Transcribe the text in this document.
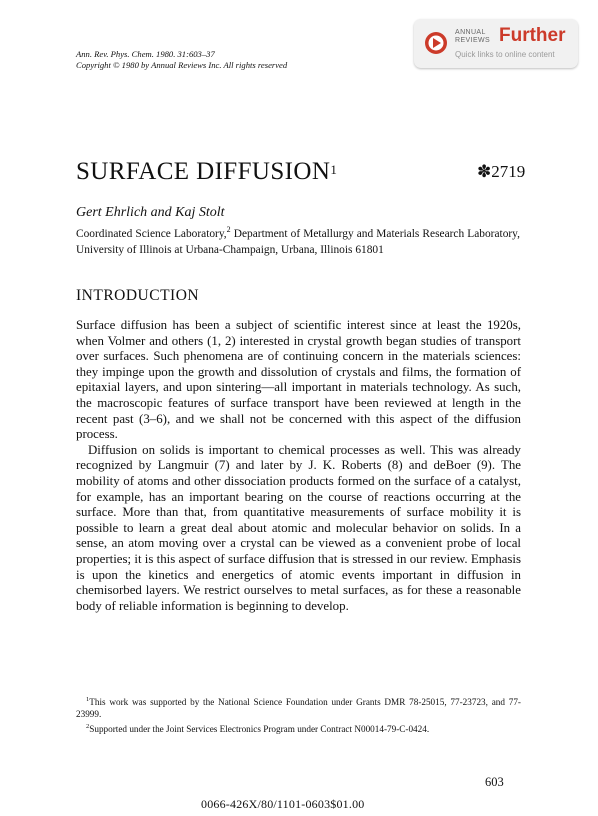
Ann. Rev. Phys. Chem. 1980. 31:603–37
Copyright © 1980 by Annual Reviews Inc. All rights reserved
ANNUAL
REVIEWS Further
Quick links to online content
SURFACE DIFFUSION$^1$	✽2719
Gert Ehrlich and Kaj Stolt
Coordinated Science Laboratory,$^2$ Department of Metallurgy and Materials Research Laboratory, University of Illinois at Urbana-Champaign, Urbana, Illinois 61801
INTRODUCTION

Surface diffusion has been a subject of scientific interest since at least the 1920s, when Volmer and others (1, 2) interested in crystal growth began studies of transport over surfaces. Such phenomena are of continuing concern in the materials sciences: they impinge upon the growth and dissolution of crystals and films, the formation of epitaxial layers, and upon sintering—all important in materials technology. As such, the macroscopic features of surface transport have been reviewed at length in the recent past (3–6), and we shall not be concerned with this aspect of the diffusion process.

Diffusion on solids is important to chemical processes as well. This was already recognized by Langmuir (7) and later by J. K. Roberts (8) and deBoer (9). The mobility of atoms and other dissociation products formed on the surface of a catalyst, for example, has an important bearing on the course of reactions occurring at the surface. More than that, from quantitative measurements of surface mobility it is possible to learn a great deal about atomic and molecular behavior on solids. In a sense, an atom moving over a crystal can be viewed as a convenient probe of local properties; it is this aspect of surface diffusion that is stressed in our review. Emphasis is upon the kinetics and energetics of atomic events important in diffusion in chemisorbed layers. We restrict ourselves to metal surfaces, as for these a reasonable body of reliable information is beginning to develop.

$^1$This work was supported by the National Science Foundation under Grants DMR 78-25015, 77-23723, and 77-23999.

$^2$Supported under the Joint Services Electronics Program under Contract N00014-79-C-0424.

603
0066-426X/80/1101-0603$01.00
